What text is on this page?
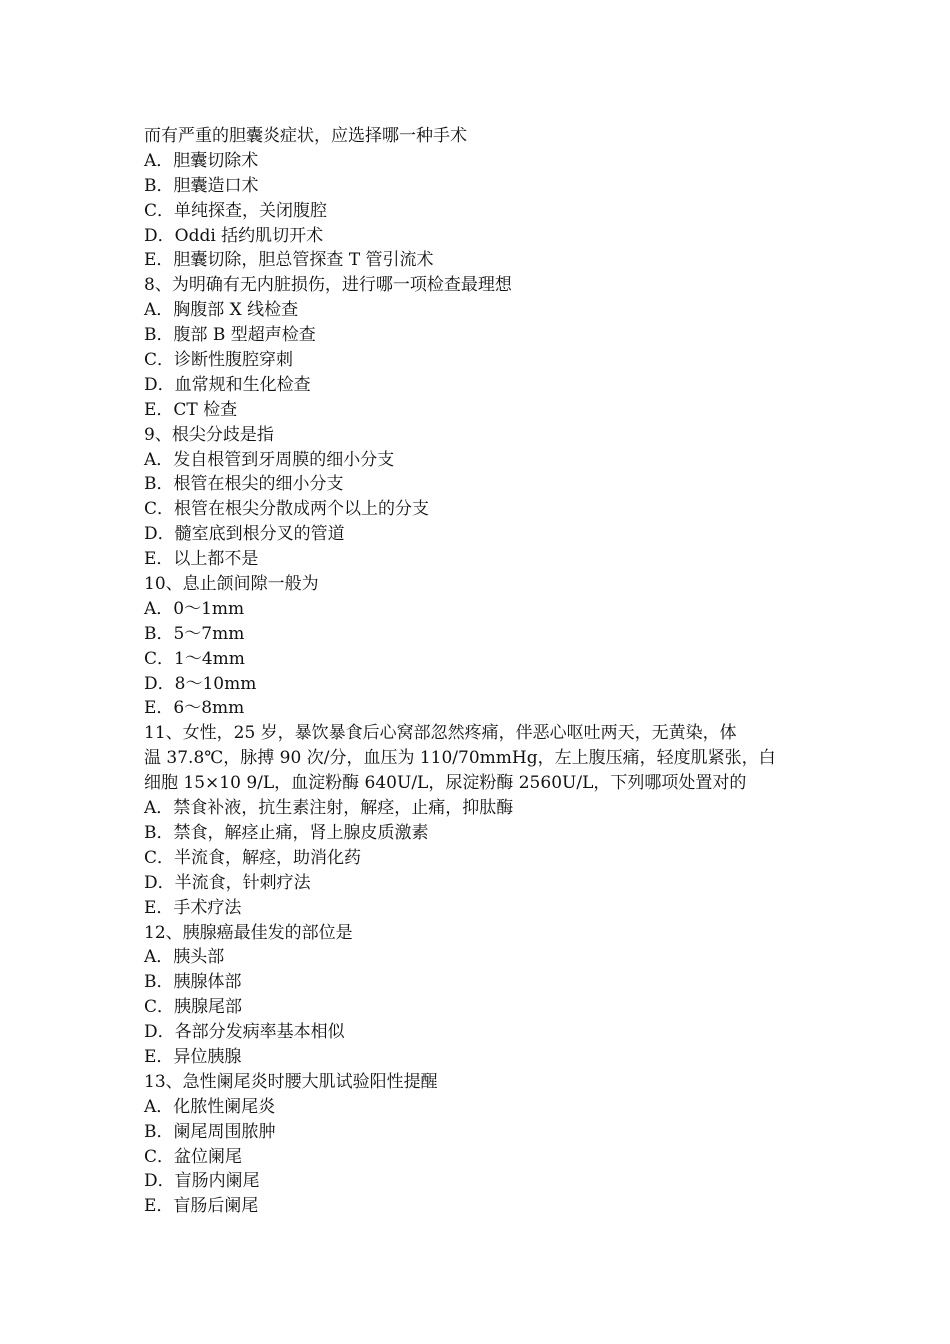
而有严重的胆囊炎症状，应选择哪一种手术
A．胆囊切除术
B．胆囊造口术
C．单纯探查，关闭腹腔
D．Oddi 括约肌切开术
E．胆囊切除，胆总管探查 T 管引流术
8、为明确有无内脏损伤，进行哪一项检查最理想
A．胸腹部 X 线检查
B．腹部 B 型超声检查
C．诊断性腹腔穿刺
D．血常规和生化检查
E．CT 检查
9、根尖分歧是指
A．发自根管到牙周膜的细小分支
B．根管在根尖的细小分支
C．根管在根尖分散成两个以上的分支
D．髓室底到根分叉的管道
E．以上都不是
10、息止颌间隙一般为
A．0～1mm
B．5～7mm
C．1～4mm
D．8～10mm
E．6～8mm
11、女性，25 岁，暴饮暴食后心窝部忽然疼痛，伴恶心呕吐两天，无黄染，体
温 37.8℃，脉搏 90 次/分，血压为 110/70mmHg，左上腹压痛，轻度肌紧张，白
细胞 15×10 9/L，血淀粉酶 640U/L，尿淀粉酶 2560U/L，下列哪项处置对的
A．禁食补液，抗生素注射，解痉，止痛，抑肽酶
B．禁食，解痉止痛，肾上腺皮质激素
C．半流食，解痉，助消化药
D．半流食，针刺疗法
E．手术疗法
12、胰腺癌最佳发的部位是
A．胰头部
B．胰腺体部
C．胰腺尾部
D．各部分发病率基本相似
E．异位胰腺
13、急性阑尾炎时腰大肌试验阳性提醒
A．化脓性阑尾炎
B．阑尾周围脓肿
C．盆位阑尾
D．盲肠内阑尾
E．盲肠后阑尾
